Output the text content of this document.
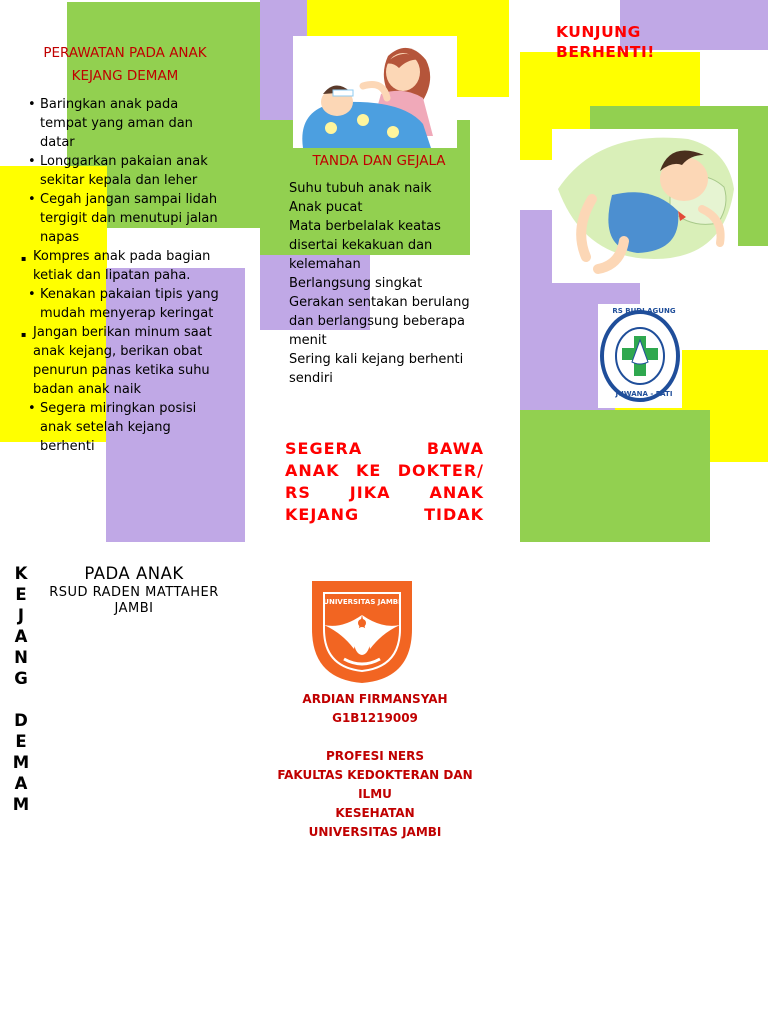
PERAWATAN PADA ANAK
KEJANG DEMAM
• Baringkan anak pada tempat yang aman dan datar
• Longgarkan pakaian anak sekitar kepala dan leher
• Cegah jangan sampai lidah tergigit dan menutupi jalan napas
▪ Kompres anak pada bagian ketiak dan lipatan paha.
• Kenakan pakaian tipis yang mudah menyerap keringat
▪ Jangan berikan minum saat anak kejang, berikan obat penurun panas ketika suhu badan anak naik
• Segera miringkan posisi anak setelah kejang berhenti
TANDA DAN GEJALA
Suhu tubuh anak naik
Anak pucat
Mata berbelalak keatas disertai kekakuan dan kelemahan
Berlangsung singkat
Gerakan sentakan berulang dan berlangsung beberapa menit
Sering kali kejang berhenti sendiri
SEGERA BAWA
ANAK KE DOKTER/
RS JIKA ANAK
KEJANG TIDAK
KUNJUNG
BERHENTI!
RS BUDI AGUNG
JUWANA - PATI
K
E
J
A
N
G
D
E
M
A
M
PADA ANAK
RSUD RADEN MATTAHER
JAMBI	UNIVERSITAS JAMBI
ARDIAN FIRMANSYAH
G1B1219009
PROFESI NERS
FAKULTAS KEDOKTERAN DAN ILMU
KESEHATAN
UNIVERSITAS JAMBI
